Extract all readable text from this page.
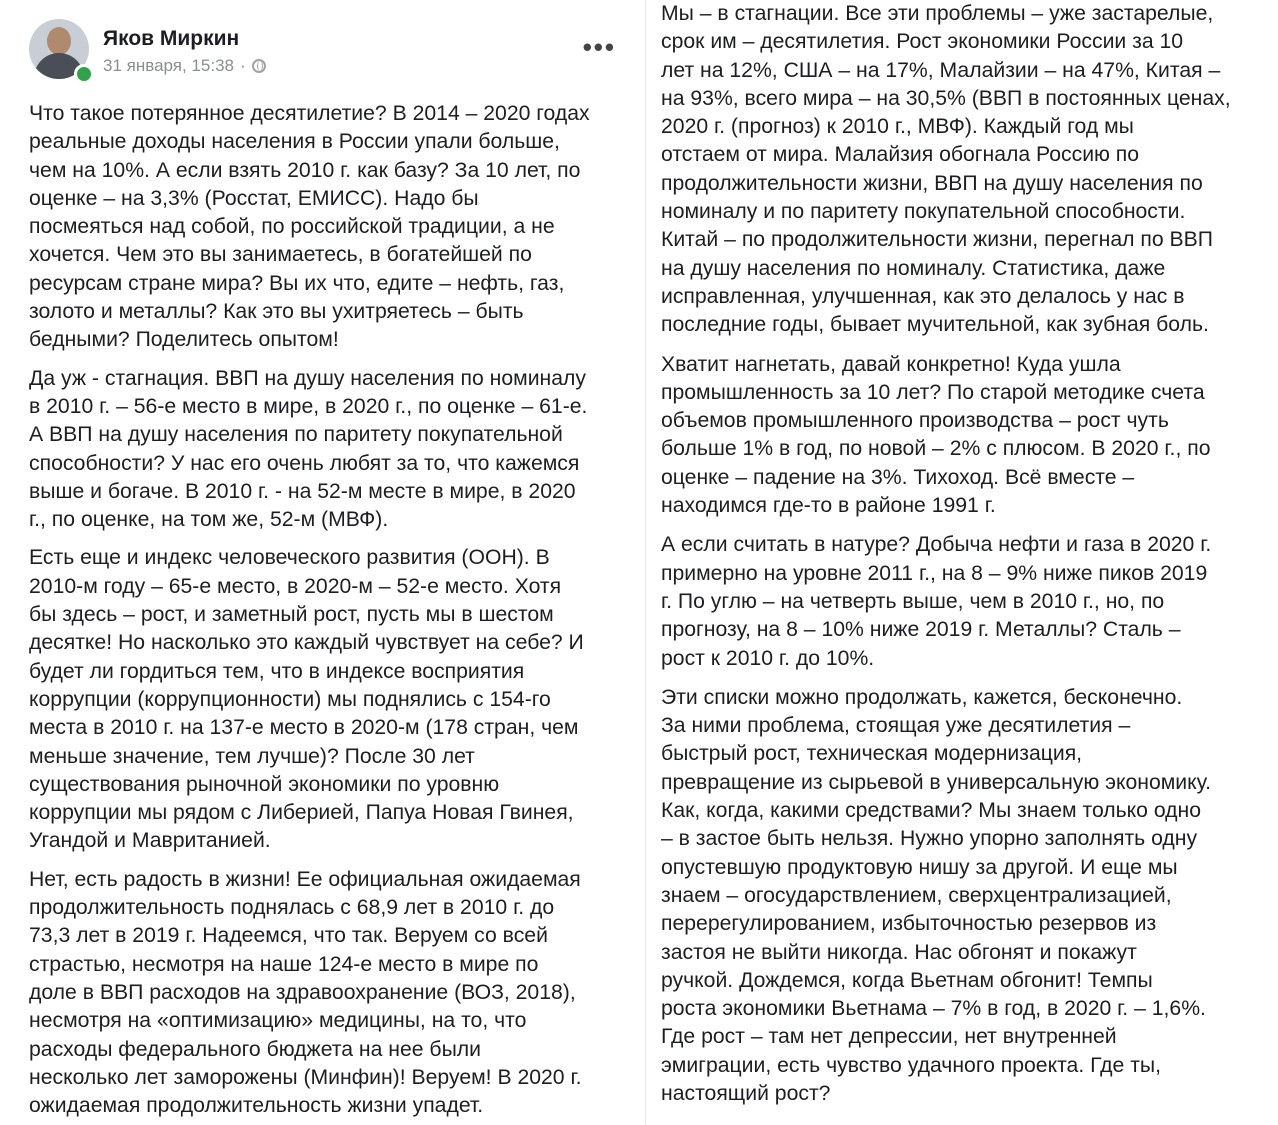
Яков Миркин
31 января, 15:38 ·
•••

Что такое потерянное десятилетие? В 2014 – 2020 годах
реальные доходы населения в России упали больше,
чем на 10%. А если взять 2010 г. как базу? За 10 лет, по
оценке – на 3,3% (Росстат, ЕМИСС). Надо бы
посмеяться над собой, по российской традиции, а не
хочется. Чем это вы занимаетесь, в богатейшей по
ресурсам стране мира? Вы их что, едите – нефть, газ,
золото и металлы? Как это вы ухитряетесь – быть
бедными? Поделитесь опытом!

Да уж - стагнация. ВВП на душу населения по номиналу
в 2010 г. – 56-е место в мире, в 2020 г., по оценке – 61-е.
А ВВП на душу населения по паритету покупательной
способности? У нас его очень любят за то, что кажемся
выше и богаче. В 2010 г. - на 52-м месте в мире, в 2020
г., по оценке, на том же, 52-м (МВФ).

Есть еще и индекс человеческого развития (ООН). В
2010-м году – 65-е место, в 2020-м – 52-е место. Хотя
бы здесь – рост, и заметный рост, пусть мы в шестом
десятке! Но насколько это каждый чувствует на себе? И
будет ли гордиться тем, что в индексе восприятия
коррупции (коррупционности) мы поднялись с 154-го
места в 2010 г. на 137-е место в 2020-м (178 стран, чем
меньше значение, тем лучше)? После 30 лет
существования рыночной экономики по уровню
коррупции мы рядом с Либерией, Папуа Новая Гвинея,
Угандой и Мавританией.

Нет, есть радость в жизни! Ее официальная ожидаемая
продолжительность поднялась с 68,9 лет в 2010 г. до
73,3 лет в 2019 г. Надеемся, что так. Веруем со всей
страстью, несмотря на наше 124-е место в мире по
доле в ВВП расходов на здравоохранение (ВОЗ, 2018),
несмотря на «оптимизацию» медицины, на то, что
расходы федерального бюджета на нее были
несколько лет заморожены (Минфин)! Веруем! В 2020 г.
ожидаемая продолжительность жизни упадет.

Мы – в стагнации. Все эти проблемы – уже застарелые,
срок им – десятилетия. Рост экономики России за 10
лет на 12%, США – на 17%, Малайзии – на 47%, Китая –
на 93%, всего мира – на 30,5% (ВВП в постоянных ценах,
2020 г. (прогноз) к 2010 г., МВФ). Каждый год мы
отстаем от мира. Малайзия обогнала Россию по
продолжительности жизни, ВВП на душу населения по
номиналу и по паритету покупательной способности.
Китай – по продолжительности жизни, перегнал по ВВП
на душу населения по номиналу. Статистика, даже
исправленная, улучшенная, как это делалось у нас в
последние годы, бывает мучительной, как зубная боль.

Хватит нагнетать, давай конкретно! Куда ушла
промышленность за 10 лет? По старой методике счета
объемов промышленного производства – рост чуть
больше 1% в год, по новой – 2% с плюсом. В 2020 г., по
оценке – падение на 3%. Тихоход. Всё вместе –
находимся где-то в районе 1991 г.

А если считать в натуре? Добыча нефти и газа в 2020 г.
примерно на уровне 2011 г., на 8 – 9% ниже пиков 2019
г. По углю – на четверть выше, чем в 2010 г., но, по
прогнозу, на 8 – 10% ниже 2019 г. Металлы? Сталь –
рост к 2010 г. до 10%.

Эти списки можно продолжать, кажется, бесконечно.
За ними проблема, стоящая уже десятилетия –
быстрый рост, техническая модернизация,
превращение из сырьевой в универсальную экономику.
Как, когда, какими средствами? Мы знаем только одно
– в застое быть нельзя. Нужно упорно заполнять одну
опустевшую продуктовую нишу за другой. И еще мы
знаем – огосударствлением, сверхцентрализацией,
перерегулированием, избыточностью резервов из
застоя не выйти никогда. Нас обгонят и покажут
ручкой. Дождемся, когда Вьетнам обгонит! Темпы
роста экономики Вьетнама – 7% в год, в 2020 г. – 1,6%.
Где рост – там нет депрессии, нет внутренней
эмиграции, есть чувство удачного проекта. Где ты,
настоящий рост?
